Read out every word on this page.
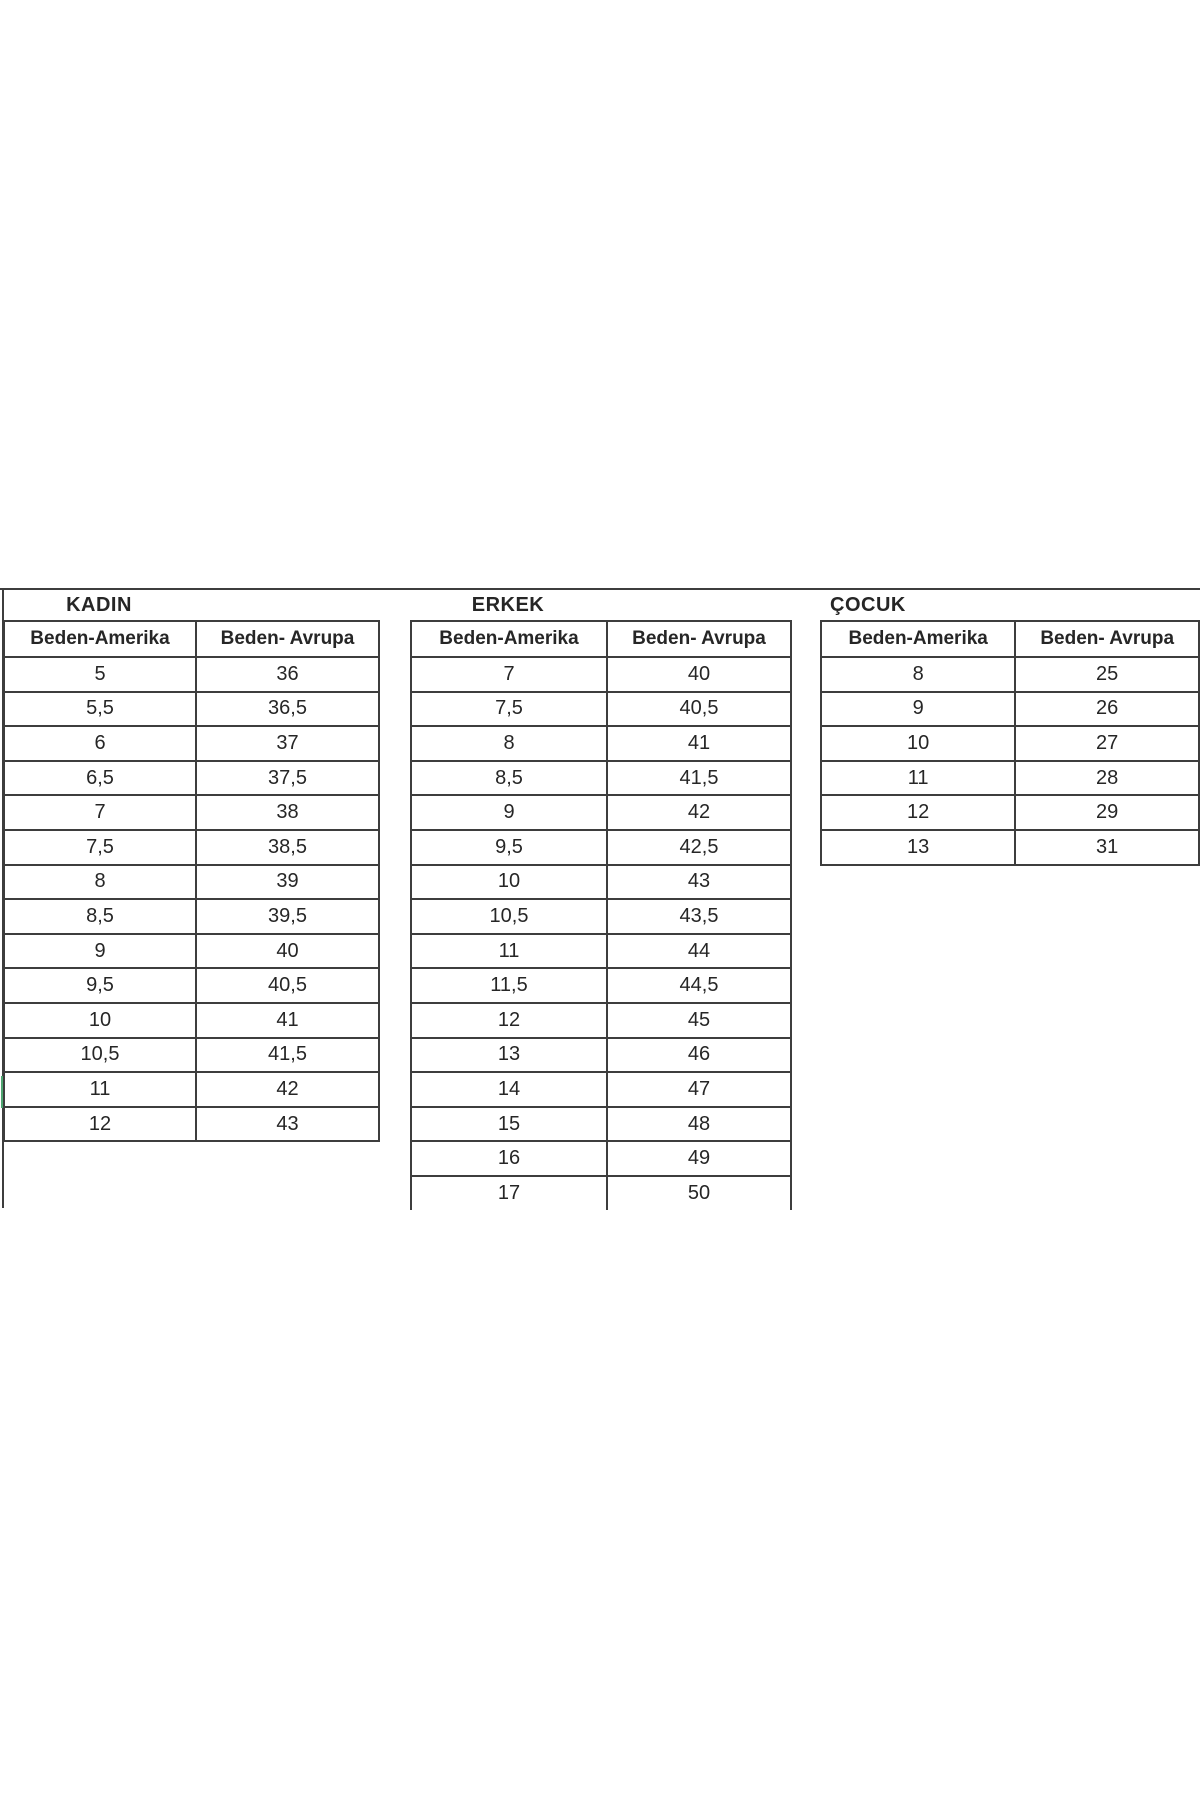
KADIN	ERKEK	ÇOCUK
Beden-Amerika	Beden- Avrupa
5	36
5,5	36,5
6	37
6,5	37,5
7	38
7,5	38,5
8	39
8,5	39,5
9	40
9,5	40,5
10	41
10,5	41,5
11	42
12	43
Beden-Amerika	Beden- Avrupa
7	40
7,5	40,5
8	41
8,5	41,5
9	42
9,5	42,5
10	43
10,5	43,5
11	44
11,5	44,5
12	45
13	46
14	47
15	48
16	49
17	50
Beden-Amerika	Beden- Avrupa
8	25
9	26
10	27
11	28
12	29
13	31
